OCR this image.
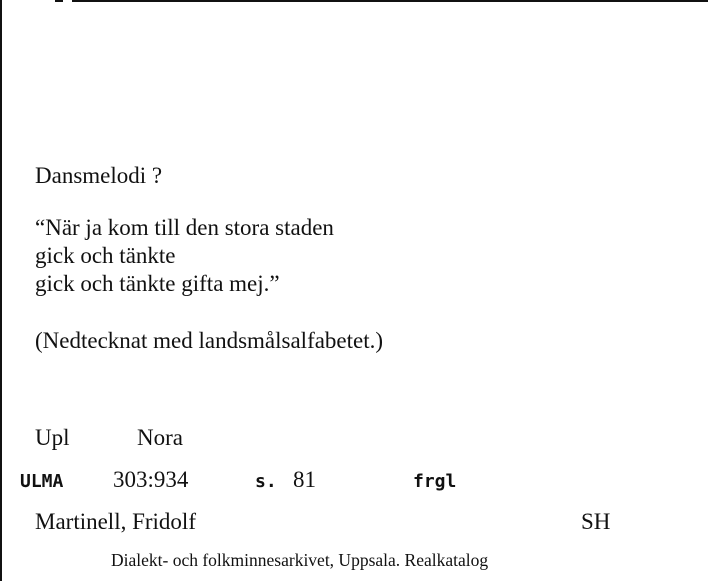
Dansmelodi ?
“När ja kom till den stora staden
gick och tänkte
gick och tänkte gifta mej.”
(Nedtecknat med landsmålsalfabetet.)
Upl	Nora
ULMA 303:934	s. 81	frgl
Martinell, Fridolf	SH
Dialekt- och folkminnesarkivet, Uppsala. Realkatalog
